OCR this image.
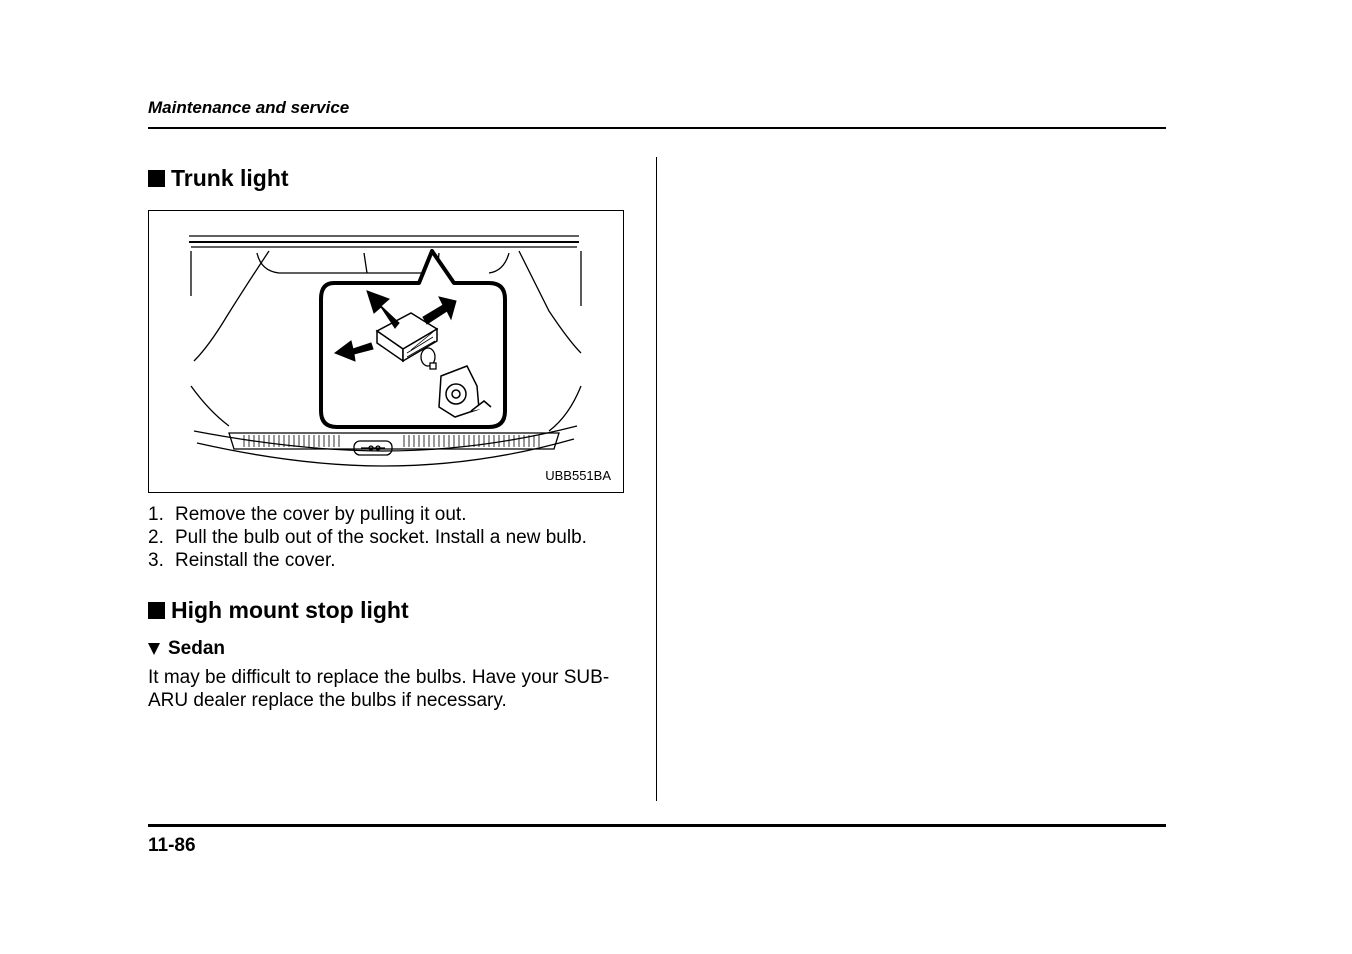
Maintenance and service
Trunk light
UBB551BA
1. Remove the cover by pulling it out.
2. Pull the bulb out of the socket. Install a new bulb.
3. Reinstall the cover.
High mount stop light
Sedan
It may be difficult to replace the bulbs. Have your SUB-
ARU dealer replace the bulbs if necessary.
11-86
